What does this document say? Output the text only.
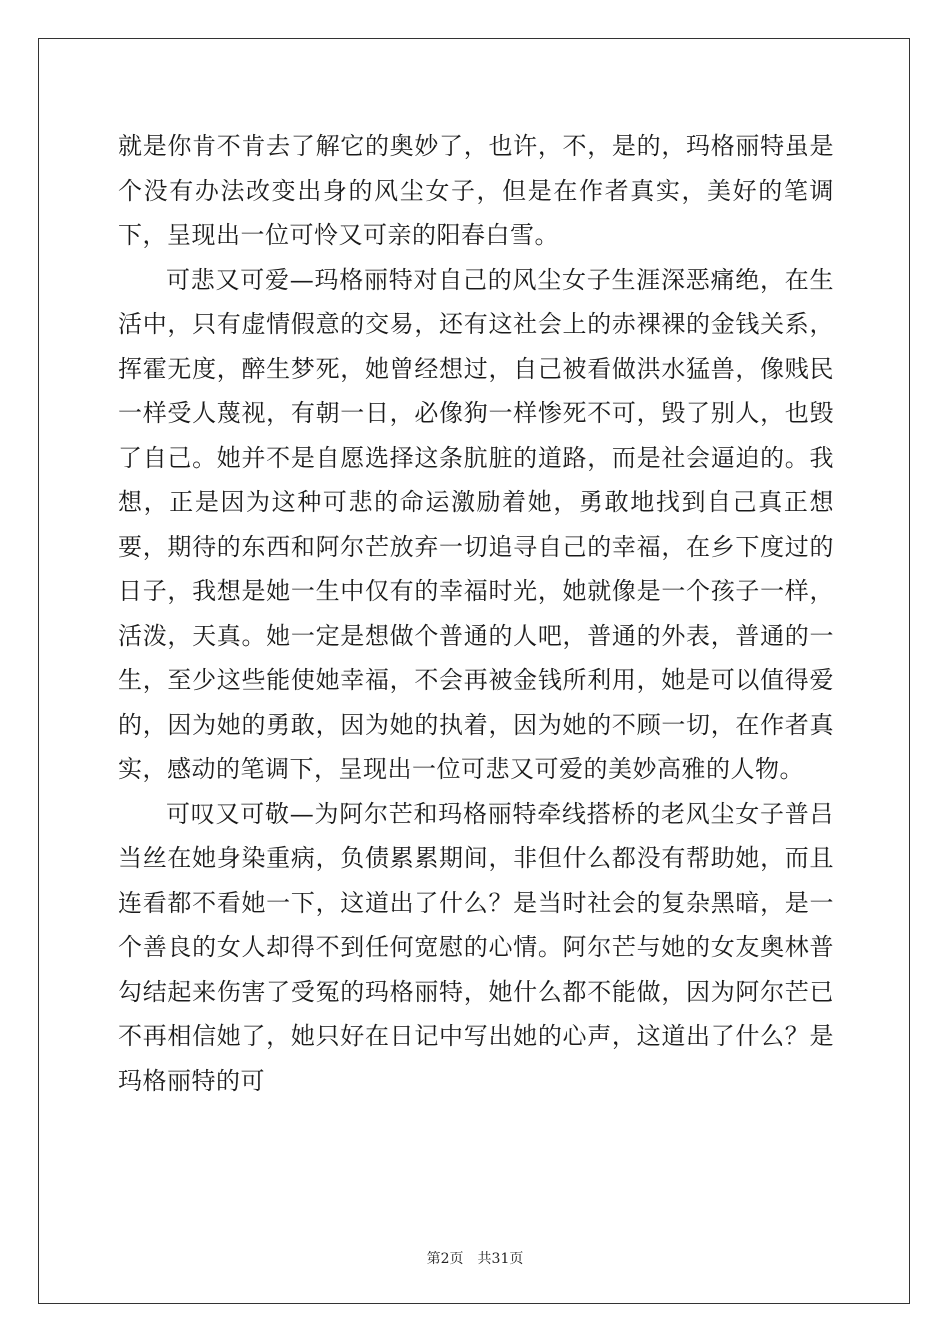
就是你肯不肯去了解它的奥妙了，也许，不，是的，玛格丽特虽是个没有办法改变出身的风尘女子，但是在作者真实，美好的笔调下，呈现出一位可怜又可亲的阳春白雪。

可悲又可爱—玛格丽特对自己的风尘女子生涯深恶痛绝，在生活中，只有虚情假意的交易，还有这社会上的赤裸裸的金钱关系，挥霍无度，醉生梦死，她曾经想过，自己被看做洪水猛兽，像贱民一样受人蔑视，有朝一日，必像狗一样惨死不可，毁了别人，也毁了自己。她并不是自愿选择这条肮脏的道路，而是社会逼迫的。我想，正是因为这种可悲的命运激励着她，勇敢地找到自己真正想要，期待的东西和阿尔芒放弃一切追寻自己的幸福，在乡下度过的日子，我想是她一生中仅有的幸福时光，她就像是一个孩子一样，活泼，天真。她一定是想做个普通的人吧，普通的外表，普通的一生，至少这些能使她幸福，不会再被金钱所利用，她是可以值得爱的，因为她的勇敢，因为她的执着，因为她的不顾一切，在作者真实，感动的笔调下，呈现出一位可悲又可爱的美妙高雅的人物。

可叹又可敬—为阿尔芒和玛格丽特牵线搭桥的老风尘女子普吕当丝在她身染重病，负债累累期间，非但什么都没有帮助她，而且连看都不看她一下，这道出了什么？是当时社会的复杂黑暗，是一个善良的女人却得不到任何宽慰的心情。阿尔芒与她的女友奥林普勾结起来伤害了受冤的玛格丽特，她什么都不能做，因为阿尔芒已不再相信她了，她只好在日记中写出她的心声，这道出了什么？是玛格丽特的可

第2页 共31页
